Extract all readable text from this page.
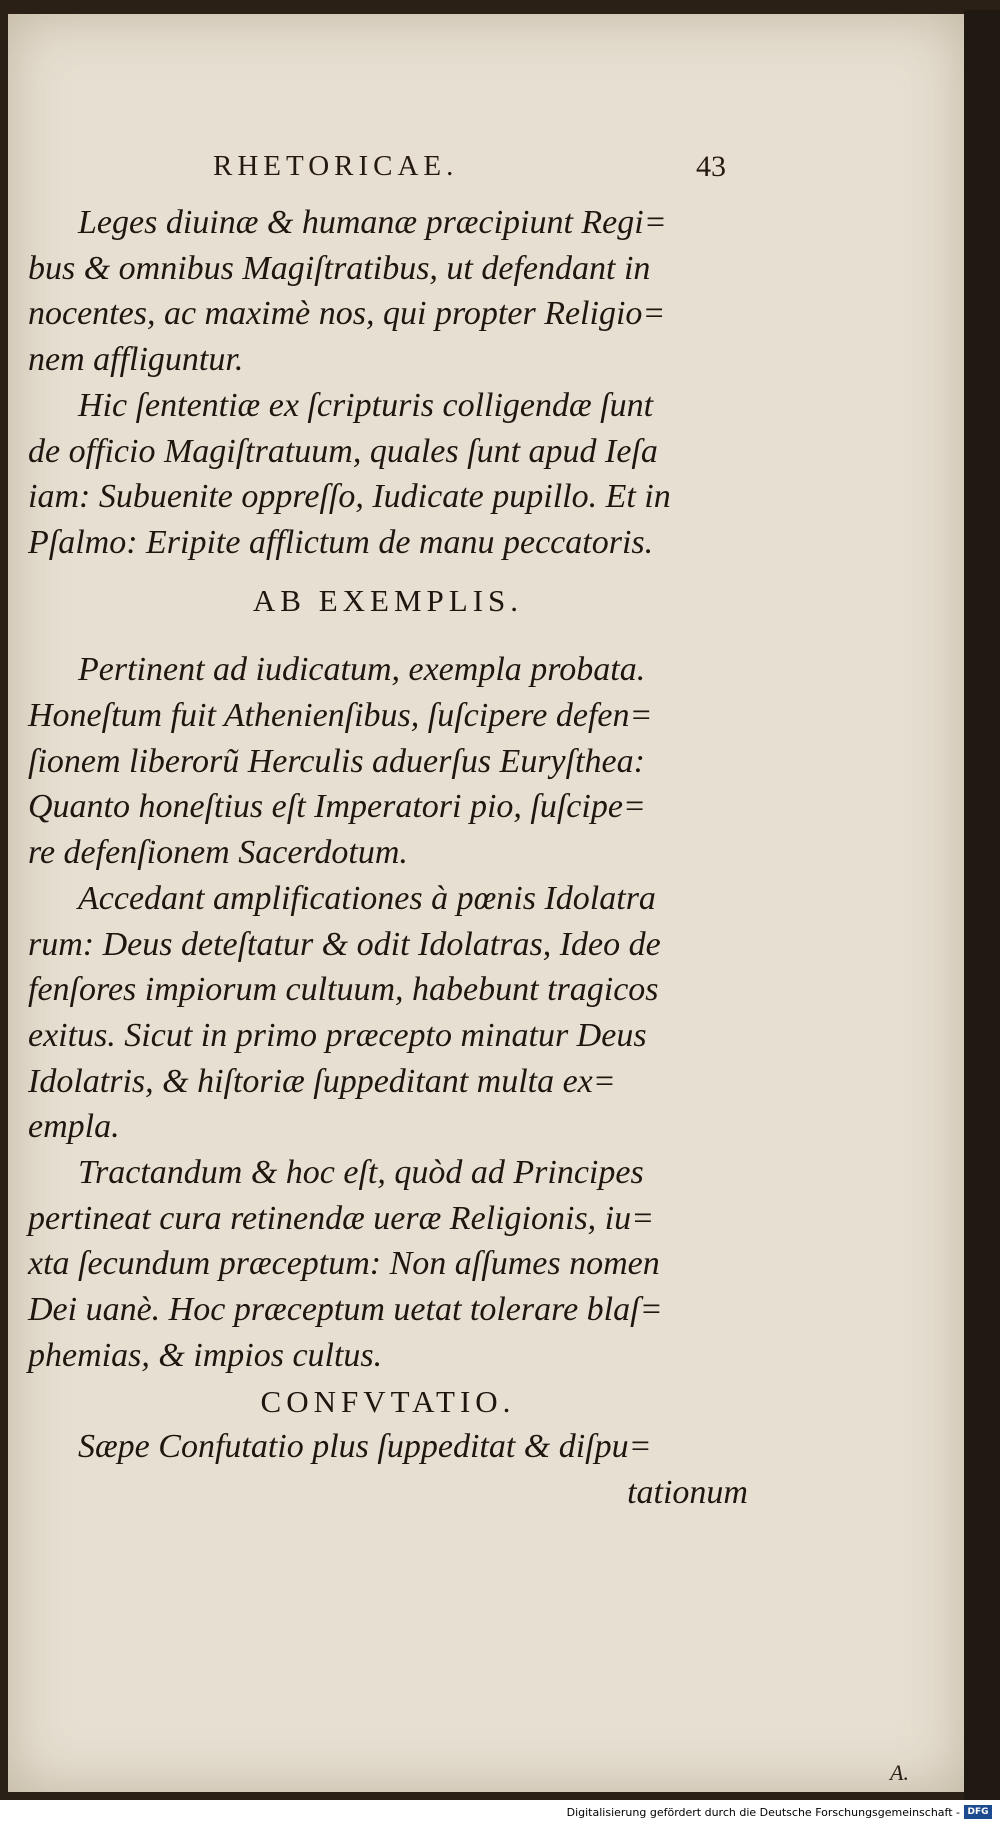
RHETORICAE.	43

Leges diuinæ & humanæ præcipiunt Regi=
bus & omnibus Magiſtratibus, ut defendant in
nocentes, ac maximè nos, qui propter Religio=
nem affliguntur.

Hic ſententiæ ex ſcripturis colligendæ ſunt
de officio Magiſtratuum, quales ſunt apud Ieſa
iam: Subuenite oppreſſo, Iudicate pupillo. Et in
Pſalmo: Eripite afflictum de manu peccatoris.

AB EXEMPLIS.

Pertinent ad iudicatum, exempla probata.
Honeſtum fuit Athenienſibus, ſuſcipere defen=
ſionem liberorũ Herculis aduerſus Euryſthea:
Quanto honeſtius eſt Imperatori pio, ſuſcipe=
re defenſionem Sacerdotum.

Accedant amplificationes à pœnis Idolatra
rum: Deus deteſtatur & odit Idolatras, Ideo de
fenſores impiorum cultuum, habebunt tragicos
exitus. Sicut in primo præcepto minatur Deus
Idolatris, & hiſtoriæ ſuppeditant multa ex=
empla.

Tractandum & hoc eſt, quòd ad Principes
pertineat cura retinendæ ueræ Religionis, iu=
xta ſecundum præceptum: Non aſſumes nomen
Dei uanè. Hoc præceptum uetat tolerare blaſ=
phemias, & impios cultus.

CONFVTATIO.

Sæpe Confutatio plus ſuppeditat & diſpu=
tationum

A.
Digitalisierung gefördert durch die Deutsche Forschungsgemeinschaft - DFG
